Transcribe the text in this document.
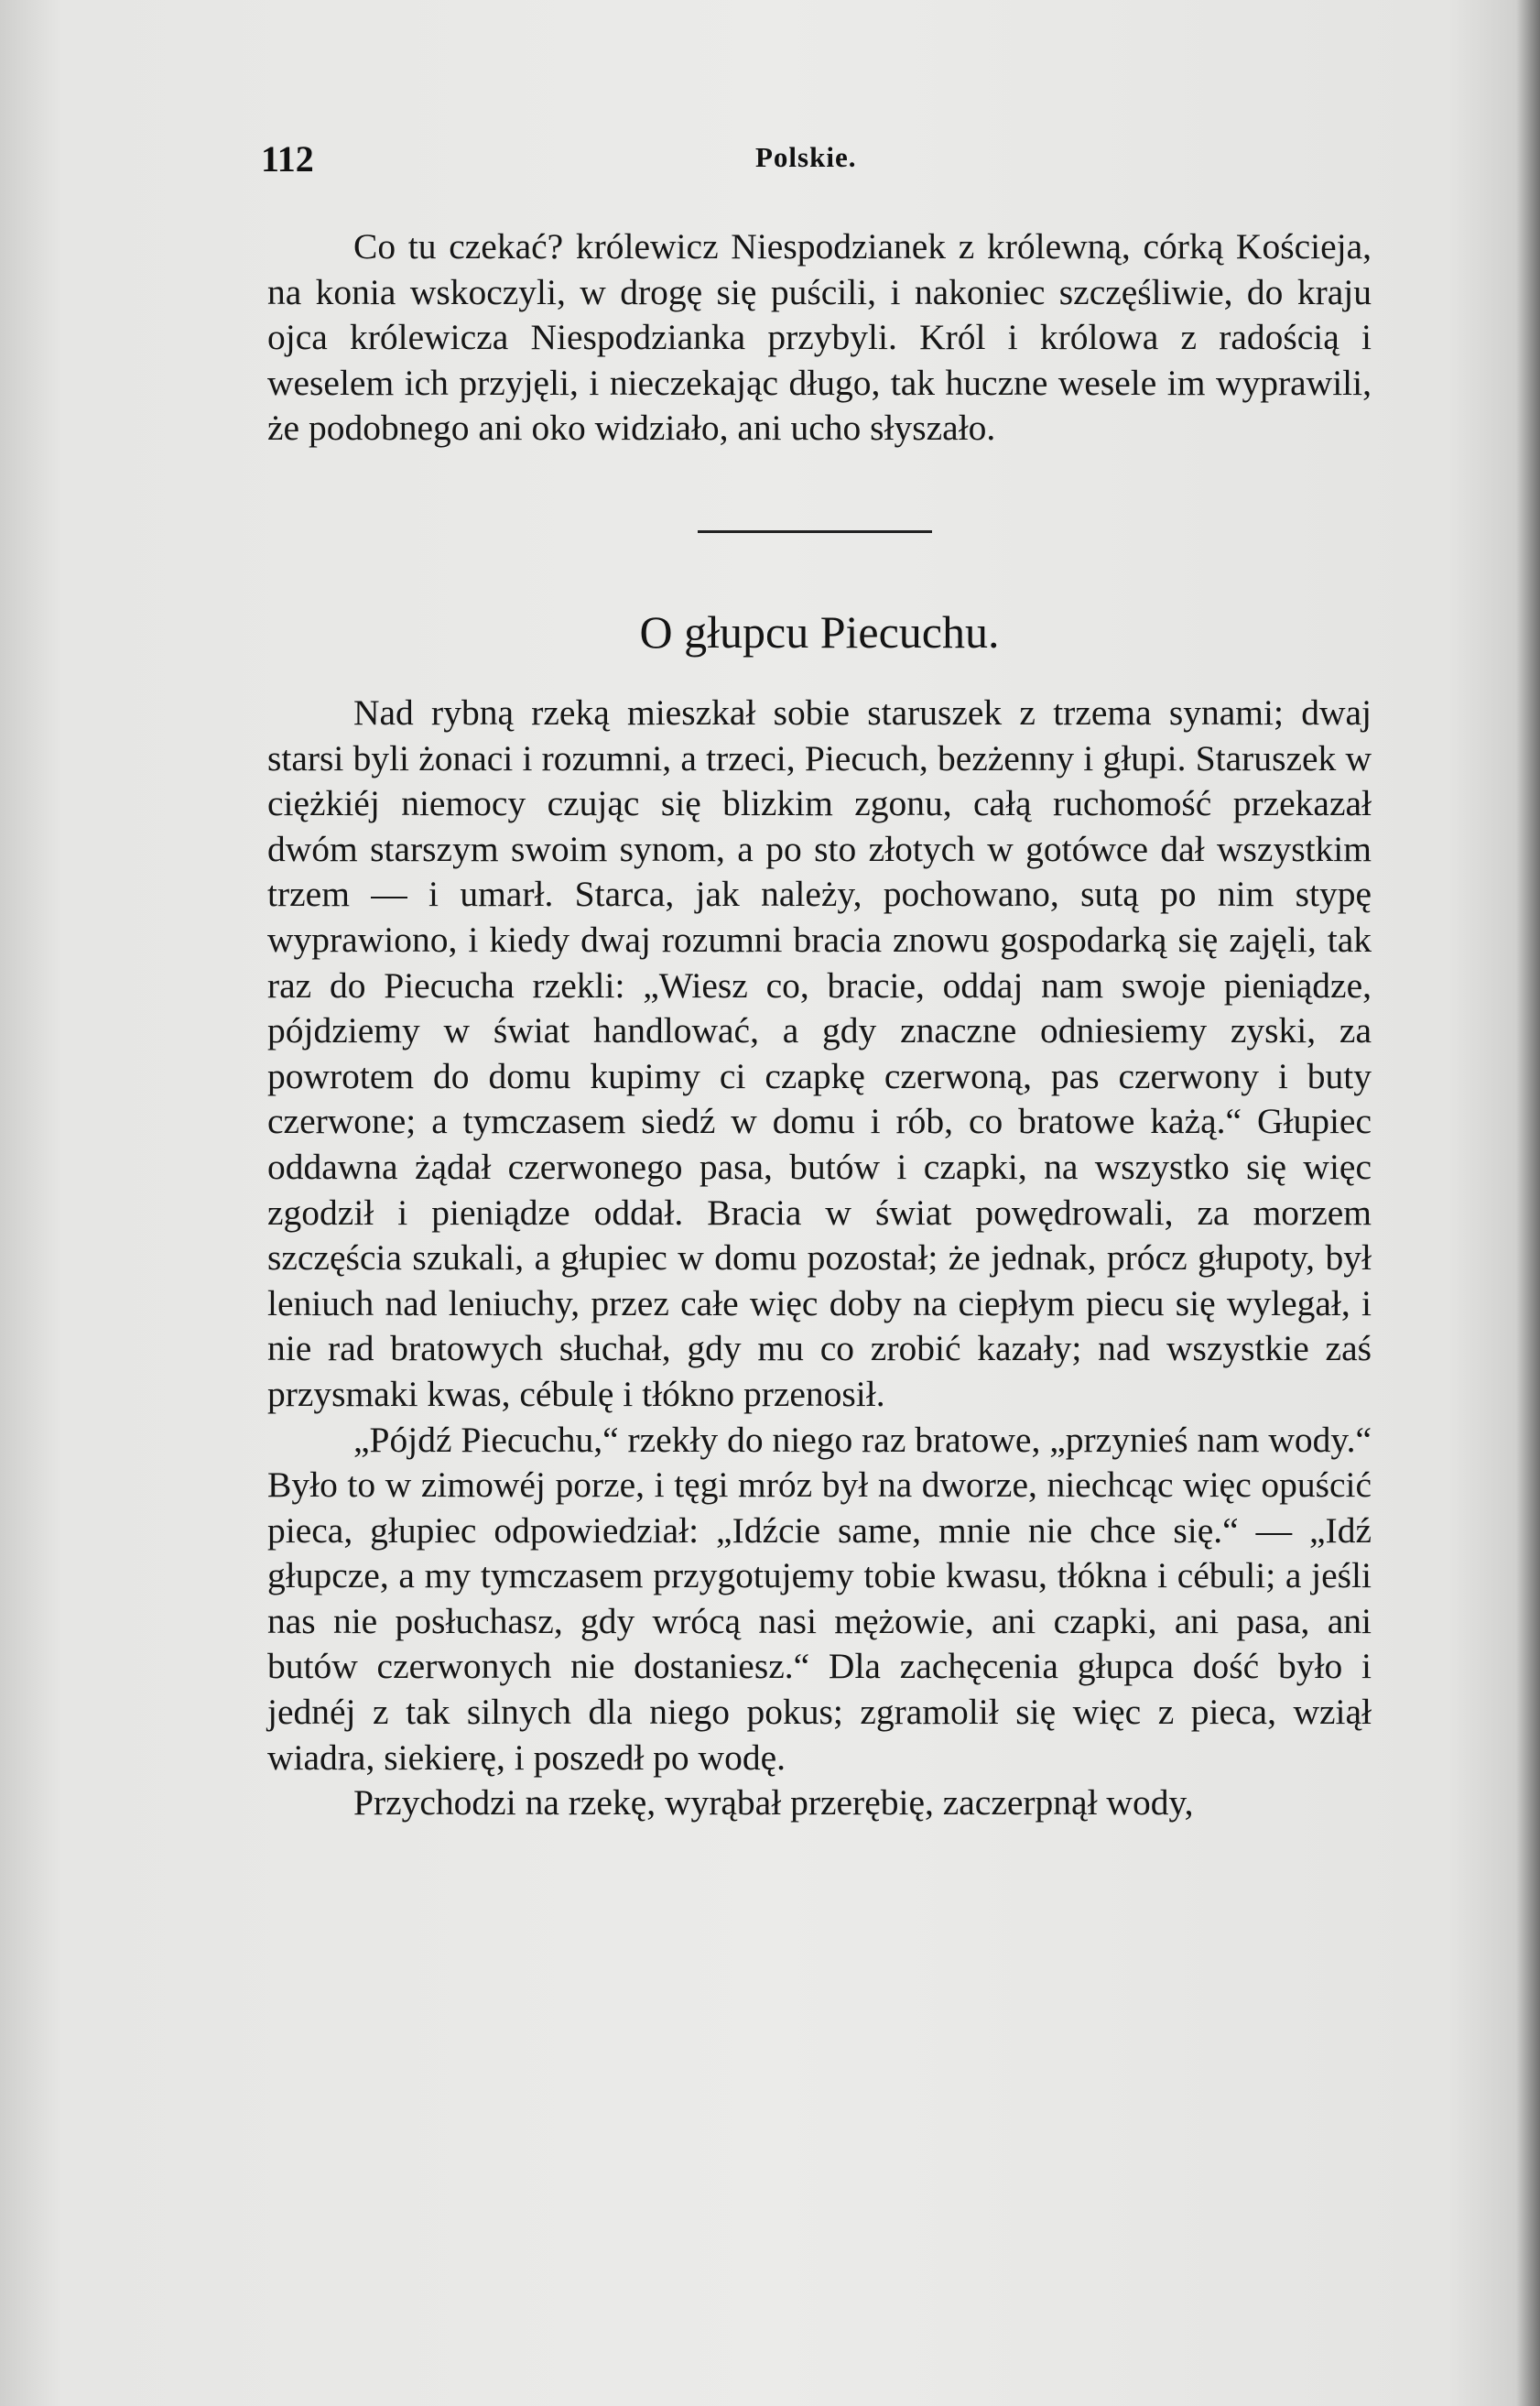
112	Polskie.

Co tu czekać? królewicz Niespodzianek z królewną, córką Kościeja, na konia wskoczyli, w drogę się puścili, i nakoniec szczęśliwie, do kraju ojca królewicza Niespodzianka przybyli. Król i królowa z radością i weselem ich przyjęli, i nieczekając długo, tak huczne wesele im wyprawili, że podobnego ani oko widziało, ani ucho słyszało.

O głupcu Piecuchu.

Nad rybną rzeką mieszkał sobie staruszek z trzema synami; dwaj starsi byli żonaci i rozumni, a trzeci, Piecuch, bezżenny i głupi. Staruszek w ciężkiéj niemocy czując się blizkim zgonu, całą ruchomość przekazał dwóm starszym swoim synom, a po sto złotych w gotówce dał wszystkim trzem — i umarł. Starca, jak należy, pochowano, sutą po nim stypę wyprawiono, i kiedy dwaj rozumni bracia znowu gospodarką się zajęli, tak raz do Piecucha rzekli: „Wiesz co, bracie, oddaj nam swoje pieniądze, pójdziemy w świat handlować, a gdy znaczne odniesiemy zyski, za powrotem do domu kupimy ci czapkę czerwoną, pas czerwony i buty czerwone; a tymczasem siedź w domu i rób, co bratowe każą.“ Głupiec oddawna żądał czerwonego pasa, butów i czapki, na wszystko się więc zgodził i pieniądze oddał. Bracia w świat powędrowali, za morzem szczęścia szukali, a głupiec w domu pozostał; że jednak, prócz głupoty, był leniuch nad leniuchy, przez całe więc doby na ciepłym piecu się wylegał, i nie rad bratowych słuchał, gdy mu co zrobić kazały; nad wszystkie zaś przysmaki kwas, cébulę i tłókno przenosił.

„Pójdź Piecuchu,“ rzekły do niego raz bratowe, „przynieś nam wody.“ Było to w zimowéj porze, i tęgi mróz był na dworze, niechcąc więc opuścić pieca, głupiec odpowiedział: „Idźcie same, mnie nie chce się.“ — „Idź głupcze, a my tymczasem przygotujemy tobie kwasu, tłókna i cébuli; a jeśli nas nie posłuchasz, gdy wrócą nasi mężowie, ani czapki, ani pasa, ani butów czerwonych nie dostaniesz.“ Dla zachęcenia głupca dość było i jednéj z tak silnych dla niego pokus; zgramolił się więc z pieca, wziął wiadra, siekierę, i poszedł po wodę.

Przychodzi na rzekę, wyrąbał przerębię, zaczerpnął wody,
